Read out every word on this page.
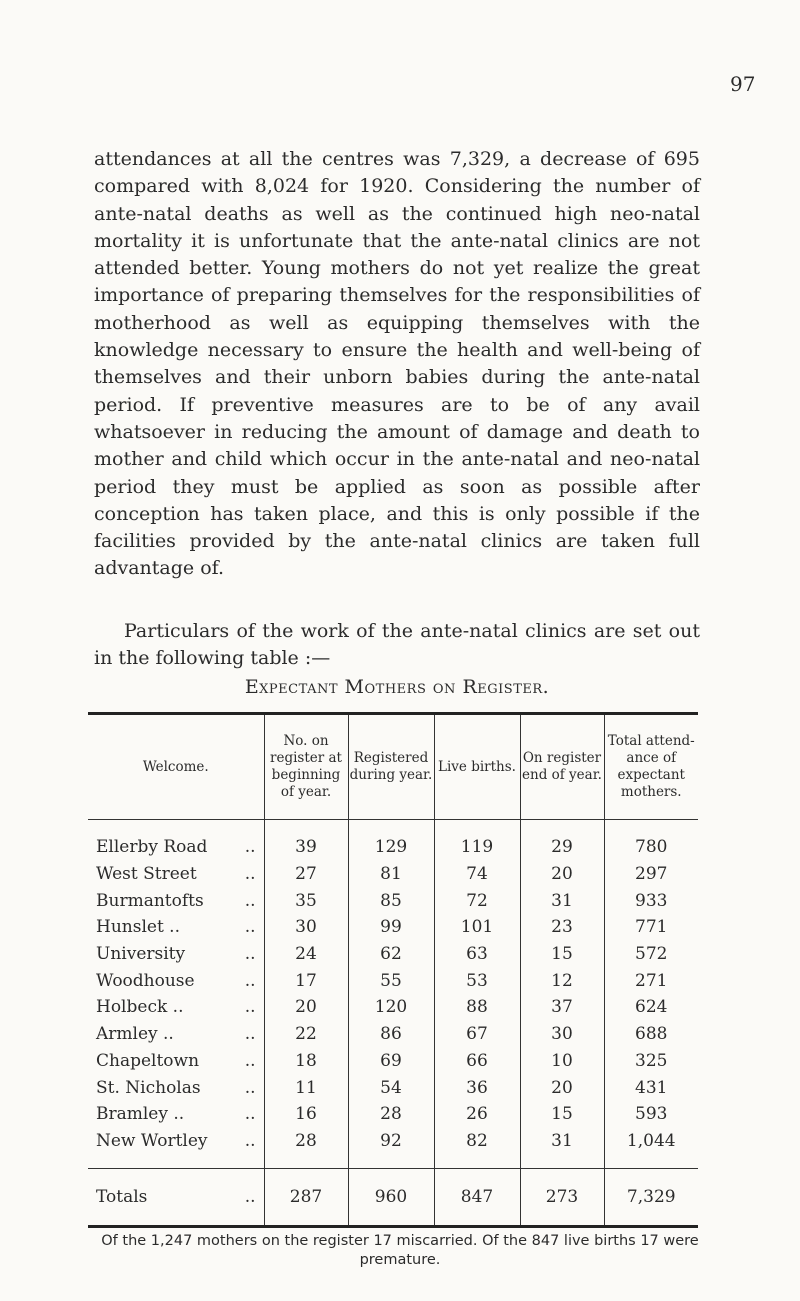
97

attendances at all the centres was 7,329, a decrease of 695 compared with 8,024 for 1920. Considering the number of ante-natal deaths as well as the continued high neo-natal mortality it is unfortunate that the ante-natal clinics are not attended better. Young mothers do not yet realize the great importance of preparing themselves for the responsibilities of motherhood as well as equipping themselves with the knowledge necessary to ensure the health and well-being of themselves and their unborn babies during the ante-natal period. If preventive measures are to be of any avail whatsoever in reducing the amount of damage and death to mother and child which occur in the ante-natal and neo-natal period they must be applied as soon as possible after conception has taken place, and this is only possible if the facilities provided by the ante-natal clinics are taken full advantage of.

Particulars of the work of the ante-natal clinics are set out in the following table :—

Expectant Mothers on Register.
Welcome.	No. on register at beginning of year.	Registered during year.	Live births.	On register end of year.	Total attend-ance of expectant mothers.
Ellerby Road ..	39	129	119	29	780
West Street ..	27	81	74	20	297
Burmantofts ..	35	85	72	31	933
Hunslet .. ..	30	99	101	23	771
University ..	24	62	63	15	572
Woodhouse ..	17	55	53	12	271
Holbeck .. ..	20	120	88	37	624
Armley .. ..	22	86	67	30	688
Chapeltown ..	18	69	66	10	325
St. Nicholas ..	11	54	36	20	431
Bramley .. ..	16	28	26	15	593
New Wortley ..	28	92	82	31	1,044
Totals ..	287	960	847	273	7,329
Of the 1,247 mothers on the register 17 miscarried. Of the 847 live births 17 were premature.
